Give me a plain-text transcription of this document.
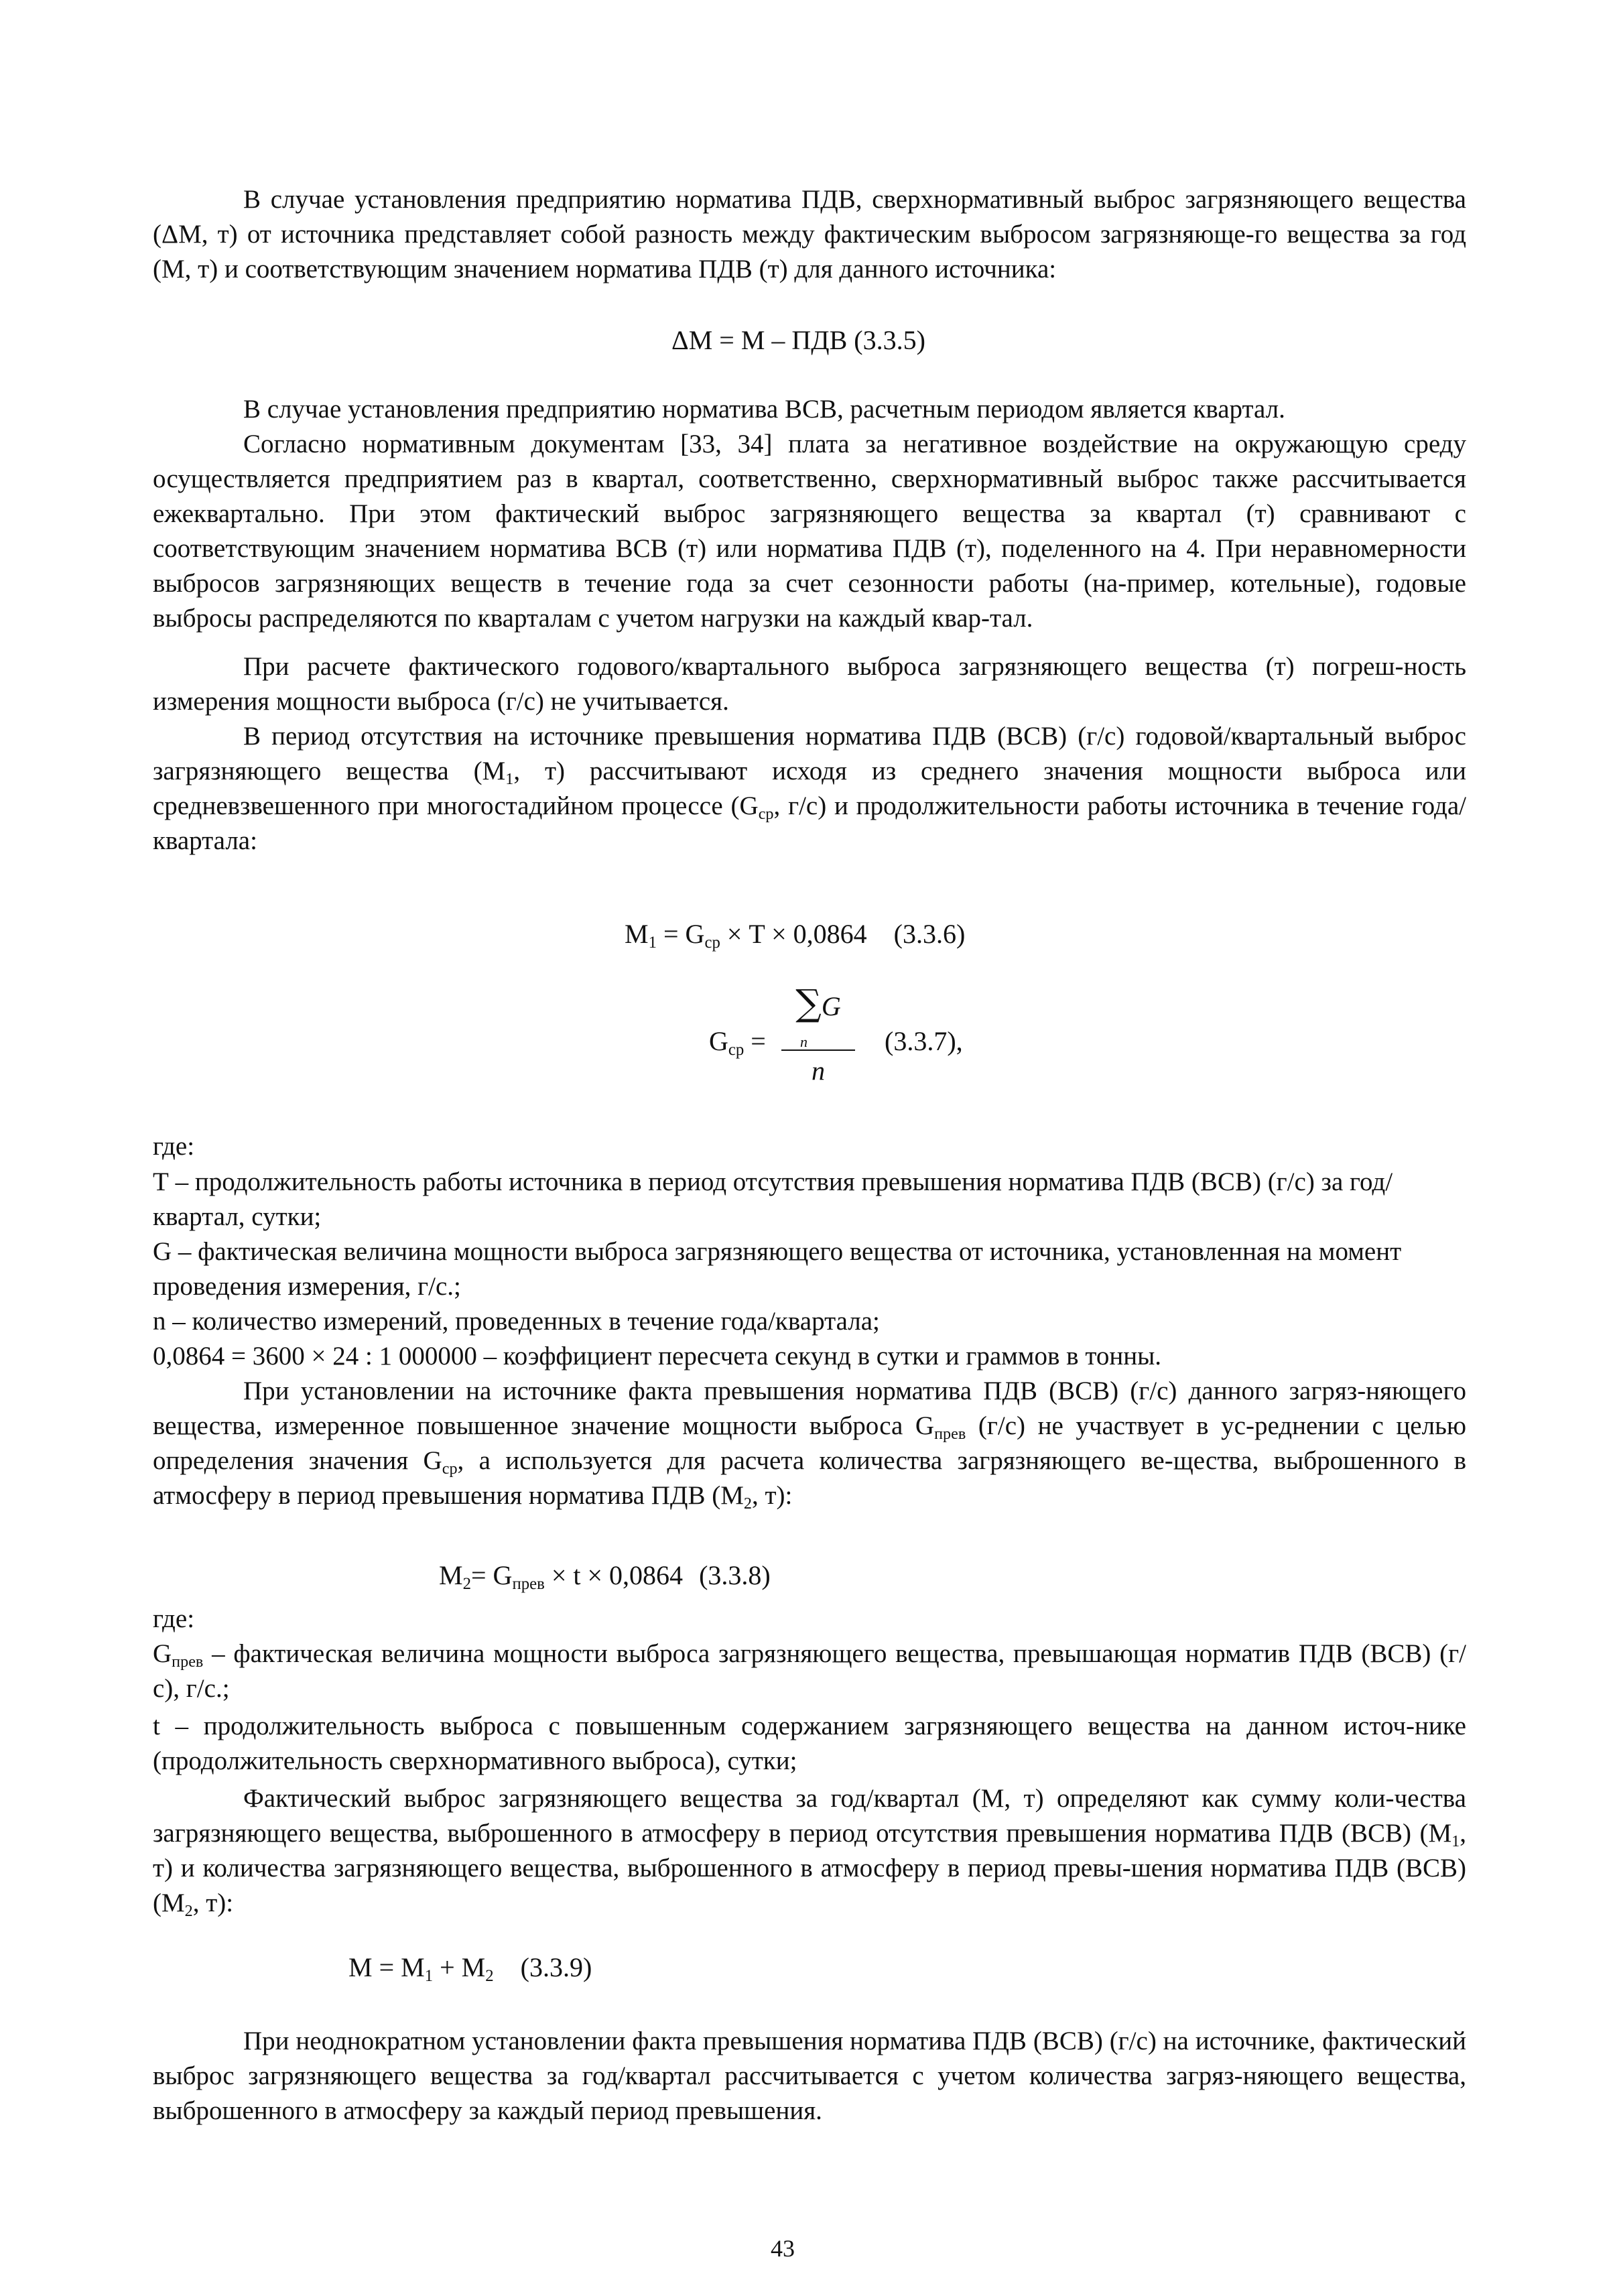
В случае установления предприятию норматива ПДВ, сверхнормативный выброс загрязняющего вещества (ΔМ, т) от источника представляет собой разность между фактическим выбросом загрязняюще-го вещества за год (М, т) и соответствующим значением норматива ПДВ (т) для данного источника:

ΔМ = М – ПДВ (3.3.5)

В случае установления предприятию норматива ВСВ, расчетным периодом является квартал.

Согласно нормативным документам [33, 34] плата за негативное воздействие на окружающую среду осуществляется предприятием раз в квартал, соответственно, сверхнормативный выброс также рассчитывается ежеквартально. При этом фактический выброс загрязняющего вещества за квартал (т) сравнивают с соответствующим значением норматива ВСВ (т) или норматива ПДВ (т), поделенного на 4. При неравномерности выбросов загрязняющих веществ в течение года за счет сезонности работы (на-пример, котельные), годовые выбросы распределяются по кварталам с учетом нагрузки на каждый квар-тал.

При расчете фактического годового/квартального выброса загрязняющего вещества (т) погреш-ность измерения мощности выброса (г/с) не учитывается.

В период отсутствия на источнике превышения норматива ПДВ (ВСВ) (г/с) годовой/квартальный выброс загрязняющего вещества ($М_1$, т) рассчитывают исходя из среднего значения мощности выброса или средневзвешенного при многостадийном процессе ($G_{ср}$, г/с) и продолжительности работы источника в течение года/квартала:

$М_1 = G_{ср} \times T \times 0,0864$ (3.3.6)
$G_{ср}$ =
∑G
n
n
(3.3.7),
где:

Т – продолжительность работы источника в период отсутствия превышения норматива ПДВ (ВСВ) (г/с) за год/квартал, сутки;

G – фактическая величина мощности выброса загрязняющего вещества от источника, установленная на момент проведения измерения, г/с.;

n – количество измерений, проведенных в течение года/квартала;

0,0864 = 3600 × 24 : 1 000000 – коэффициент пересчета секунд в сутки и граммов в тонны.

При установлении на источнике факта превышения норматива ПДВ (ВСВ) (г/с) данного загряз-няющего вещества, измеренное повышенное значение мощности выброса $G_{прев}$ (г/с) не участвует в ус-реднении с целью определения значения $G_{ср}$, а используется для расчета количества загрязняющего ве-щества, выброшенного в атмосферу в период превышения норматива ПДВ ($М_2$, т):

$М_2= G_{прев} \times t \times 0,0864$ (3.3.8)
где:

$G_{прев}$ – фактическая величина мощности выброса загрязняющего вещества, превышающая норматив ПДВ (ВСВ) (г/с), г/с.;

t – продолжительность выброса с повышенным содержанием загрязняющего вещества на данном источ-нике (продолжительность сверхнормативного выброса), сутки;

Фактический выброс загрязняющего вещества за год/квартал (М, т) определяют как сумму коли-чества загрязняющего вещества, выброшенного в атмосферу в период отсутствия превышения норматива ПДВ (ВСВ) ($М_1$, т) и количества загрязняющего вещества, выброшенного в атмосферу в период превы-шения норматива ПДВ (ВСВ) ($М_2$, т):

$М = М_1 + М_2$ (3.3.9)

При неоднократном установлении факта превышения норматива ПДВ (ВСВ) (г/с) на источнике, фактический выброс загрязняющего вещества за год/квартал рассчитывается с учетом количества загряз-няющего вещества, выброшенного в атмосферу за каждый период превышения.

43
